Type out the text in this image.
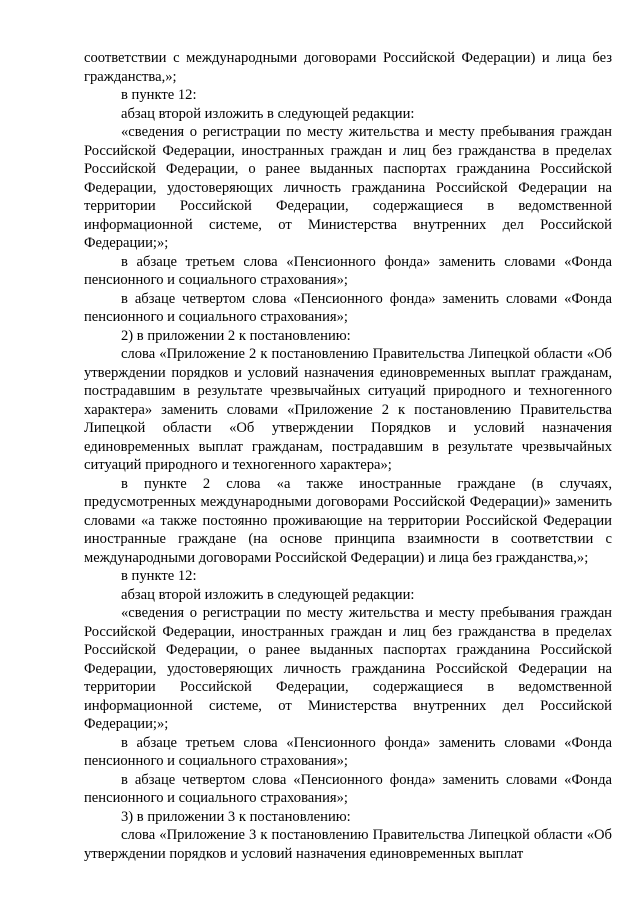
соответствии с международными договорами Российской Федерации) и лица без гражданства,»;

в пункте 12:

абзац второй изложить в следующей редакции:

«сведения о регистрации по месту жительства и месту пребывания граждан Российской Федерации, иностранных граждан и лиц без гражданства в пределах Российской Федерации, о ранее выданных паспортах гражданина Российской Федерации, удостоверяющих личность гражданина Российской Федерации на территории Российской Федерации, содержащиеся в ведомственной информационной системе, от Министерства внутренних дел Российской Федерации;»;

в абзаце третьем слова «Пенсионного фонда» заменить словами «Фонда пенсионного и социального страхования»;

в абзаце четвертом слова «Пенсионного фонда» заменить словами «Фонда пенсионного и социального страхования»;

2) в приложении 2 к постановлению:

слова «Приложение 2 к постановлению Правительства Липецкой области «Об утверждении порядков и условий назначения единовременных выплат гражданам, пострадавшим в результате чрезвычайных ситуаций природного и техногенного характера» заменить словами «Приложение 2 к постановлению Правительства Липецкой области «Об утверждении Порядков и условий назначения единовременных выплат гражданам, пострадавшим в результате чрезвычайных ситуаций природного и техногенного характера»;

в пункте 2 слова «а также иностранные граждане (в случаях, предусмотренных международными договорами Российской Федерации)» заменить словами «а также постоянно проживающие на территории Российской Федерации иностранные граждане (на основе принципа взаимности в соответствии с международными договорами Российской Федерации) и лица без гражданства,»;

в пункте 12:

абзац второй изложить в следующей редакции:

«сведения о регистрации по месту жительства и месту пребывания граждан Российской Федерации, иностранных граждан и лиц без гражданства в пределах Российской Федерации, о ранее выданных паспортах гражданина Российской Федерации, удостоверяющих личность гражданина Российской Федерации на территории Российской Федерации, содержащиеся в ведомственной информационной системе, от Министерства внутренних дел Российской Федерации;»;

в абзаце третьем слова «Пенсионного фонда» заменить словами «Фонда пенсионного и социального страхования»;

в абзаце четвертом слова «Пенсионного фонда» заменить словами «Фонда пенсионного и социального страхования»;

3) в приложении 3 к постановлению:

слова «Приложение 3 к постановлению Правительства Липецкой области «Об утверждении порядков и условий назначения единовременных выплат
